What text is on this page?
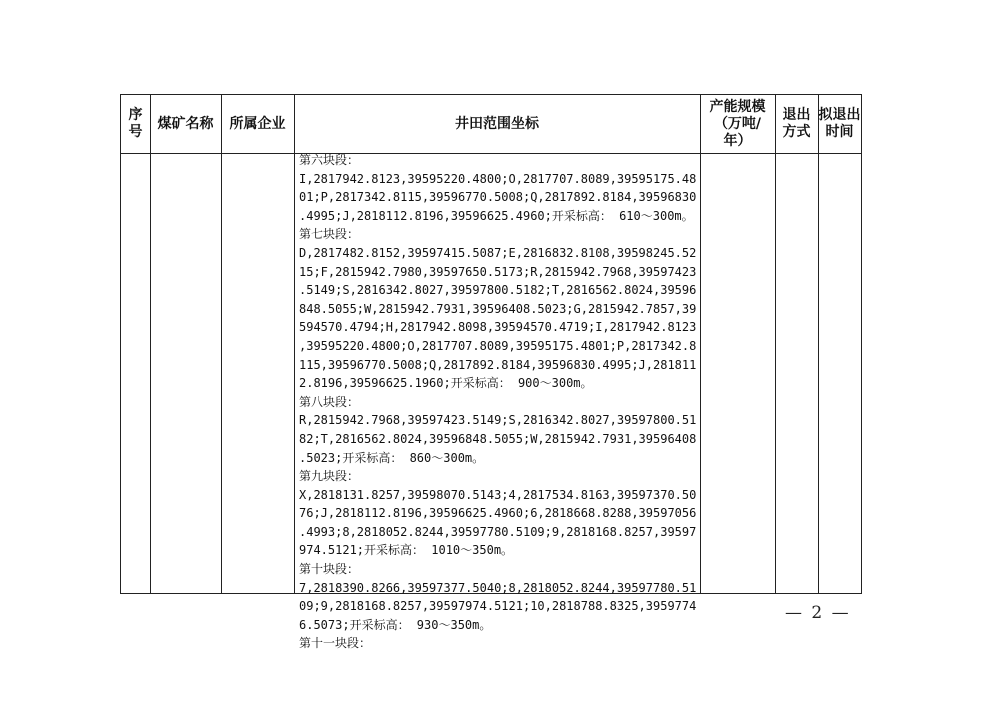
序
号
煤矿名称 所属企业	井田范围坐标
产能规模
（万吨/
年）
退出
方式
拟退出
时间
第六块段：
I,2817942.8123,39595220.4800;O,2817707.8089,39595175.48
01;P,2817342.8115,39596770.5008;Q,2817892.8184,39596830
.4995;J,2818112.8196,39596625.4960;开采标高： 610～300m。
第七块段：
D,2817482.8152,39597415.5087;E,2816832.8108,39598245.52
15;F,2815942.7980,39597650.5173;R,2815942.7968,39597423
.5149;S,2816342.8027,39597800.5182;T,2816562.8024,39596
848.5055;W,2815942.7931,39596408.5023;G,2815942.7857,39
594570.4794;H,2817942.8098,39594570.4719;I,2817942.8123
,39595220.4800;O,2817707.8089,39595175.4801;P,2817342.8
115,39596770.5008;Q,2817892.8184,39596830.4995;J,281811
2.8196,39596625.1960;开采标高： 900～300m。
第八块段：
R,2815942.7968,39597423.5149;S,2816342.8027,39597800.51
82;T,2816562.8024,39596848.5055;W,2815942.7931,39596408
.5023;开采标高： 860～300m。
第九块段：
X,2818131.8257,39598070.5143;4,2817534.8163,39597370.50
76;J,2818112.8196,39596625.4960;6,2818668.8288,39597056
.4993;8,2818052.8244,39597780.5109;9,2818168.8257,39597
974.5121;开采标高： 1010～350m。
第十块段：
7,2818390.8266,39597377.5040;8,2818052.8244,39597780.51
09;9,2818168.8257,39597974.5121;10,2818788.8325,3959774
6.5073;开采标高： 930～350m。
第十一块段：
— 2 —
